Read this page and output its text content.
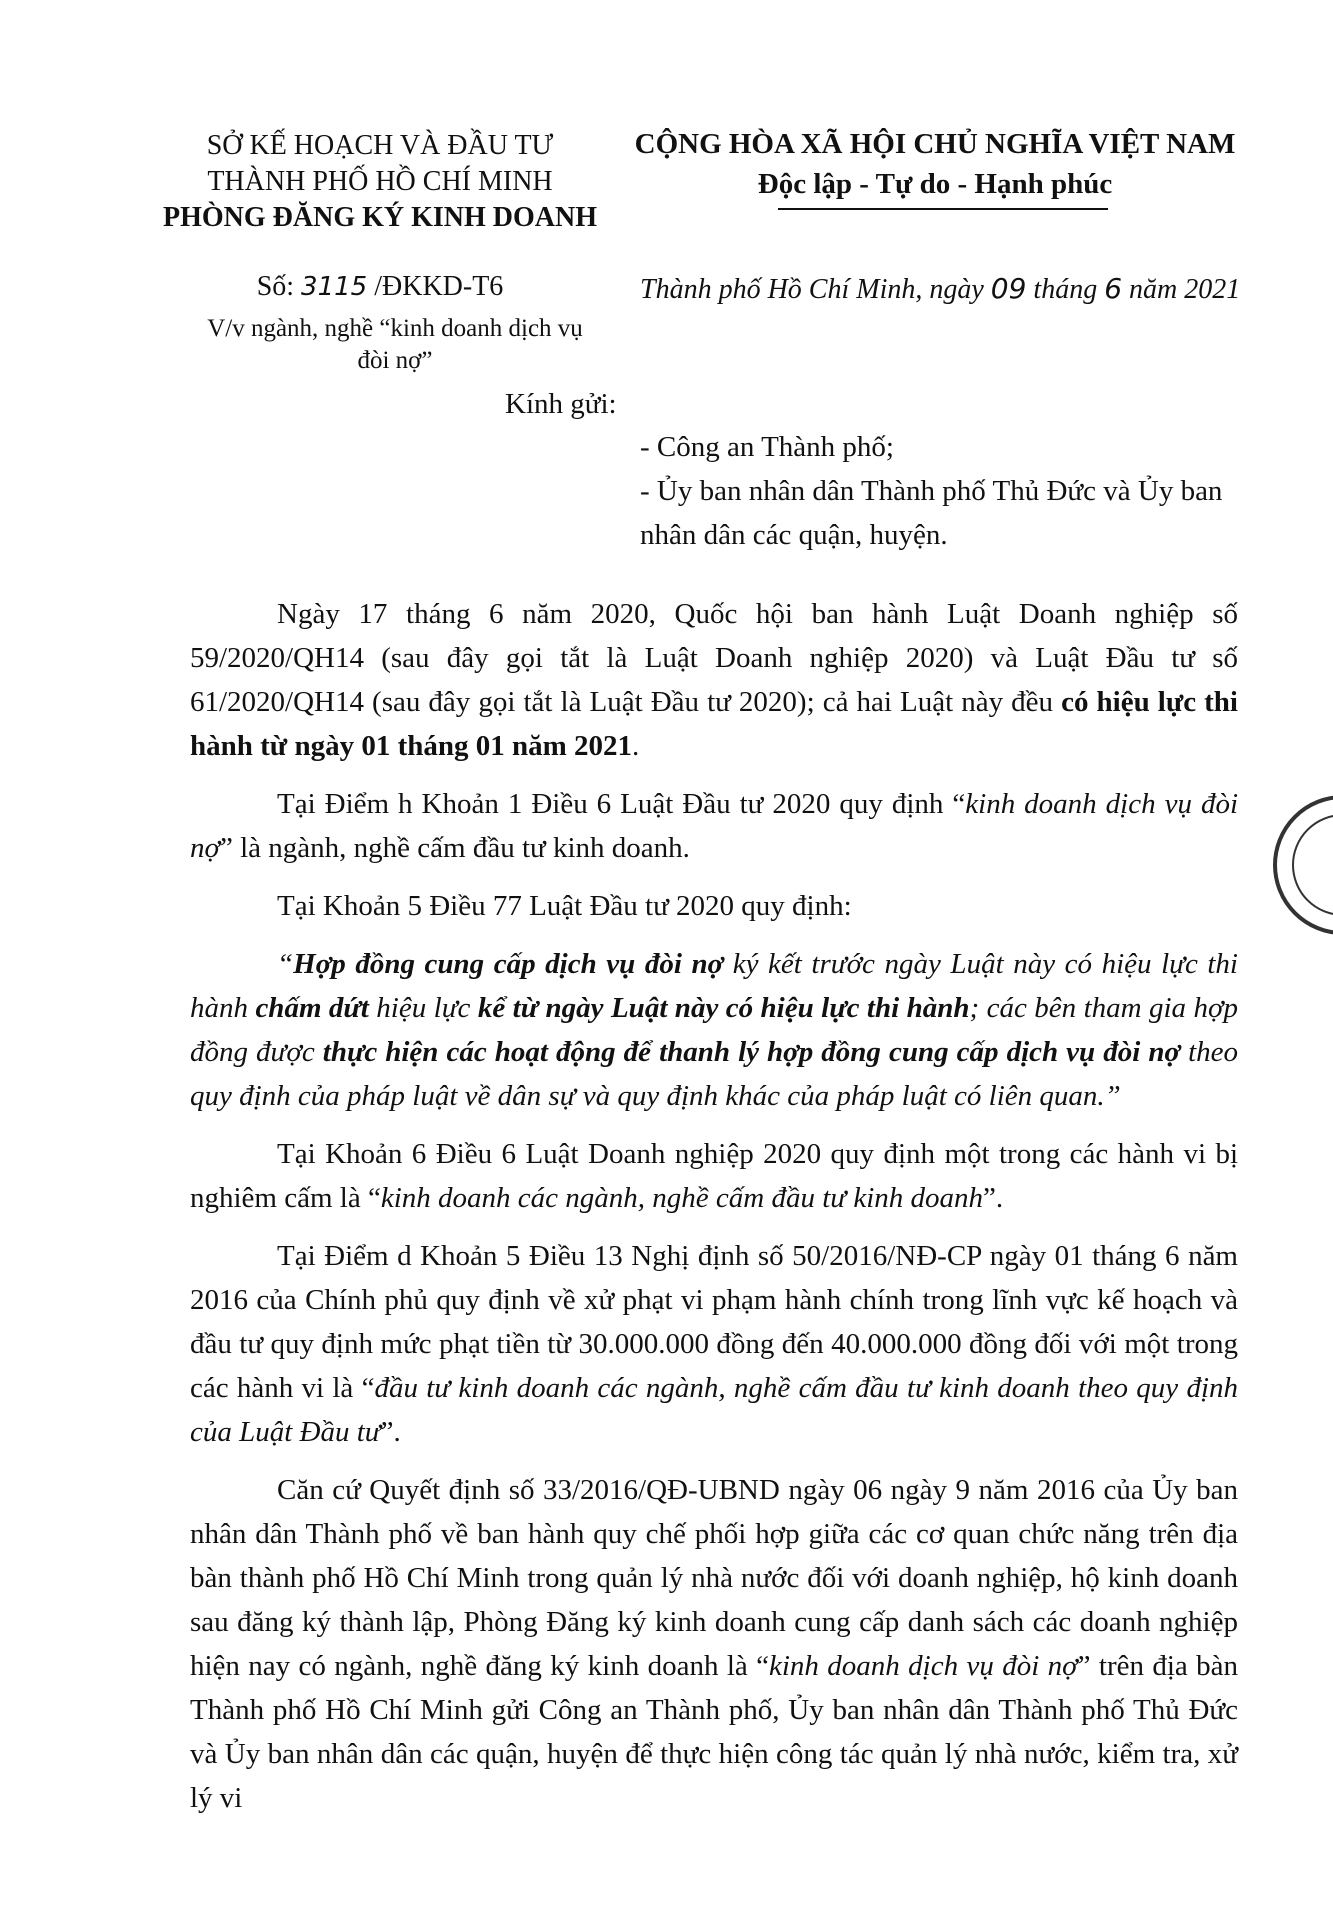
SỞ KẾ HOẠCH VÀ ĐẦU TƯ
THÀNH PHỐ HỒ CHÍ MINH
PHÒNG ĐĂNG KÝ KINH DOANH
CỘNG HÒA XÃ HỘI CHỦ NGHĨA VIỆT NAM
Độc lập - Tự do - Hạnh phúc
Số: 3115 /ĐKKD-T6
V/v ngành, nghề “kinh doanh dịch vụ đòi nợ”
Thành phố Hồ Chí Minh, ngày 09 tháng 6 năm 2021
Kính gửi:
- Công an Thành phố;
- Ủy ban nhân dân Thành phố Thủ Đức và Ủy ban nhân dân các quận, huyện.

Ngày 17 tháng 6 năm 2020, Quốc hội ban hành Luật Doanh nghiệp số 59/2020/QH14 (sau đây gọi tắt là Luật Doanh nghiệp 2020) và Luật Đầu tư số 61/2020/QH14 (sau đây gọi tắt là Luật Đầu tư 2020); cả hai Luật này đều có hiệu lực thi hành từ ngày 01 tháng 01 năm 2021.

Tại Điểm h Khoản 1 Điều 6 Luật Đầu tư 2020 quy định “kinh doanh dịch vụ đòi nợ” là ngành, nghề cấm đầu tư kinh doanh.

Tại Khoản 5 Điều 77 Luật Đầu tư 2020 quy định:

“Hợp đồng cung cấp dịch vụ đòi nợ ký kết trước ngày Luật này có hiệu lực thi hành chấm dứt hiệu lực kể từ ngày Luật này có hiệu lực thi hành; các bên tham gia hợp đồng được thực hiện các hoạt động để thanh lý hợp đồng cung cấp dịch vụ đòi nợ theo quy định của pháp luật về dân sự và quy định khác của pháp luật có liên quan.”

Tại Khoản 6 Điều 6 Luật Doanh nghiệp 2020 quy định một trong các hành vi bị nghiêm cấm là “kinh doanh các ngành, nghề cấm đầu tư kinh doanh”.

Tại Điểm d Khoản 5 Điều 13 Nghị định số 50/2016/NĐ-CP ngày 01 tháng 6 năm 2016 của Chính phủ quy định về xử phạt vi phạm hành chính trong lĩnh vực kế hoạch và đầu tư quy định mức phạt tiền từ 30.000.000 đồng đến 40.000.000 đồng đối với một trong các hành vi là “đầu tư kinh doanh các ngành, nghề cấm đầu tư kinh doanh theo quy định của Luật Đầu tư”.

Căn cứ Quyết định số 33/2016/QĐ-UBND ngày 06 ngày 9 năm 2016 của Ủy ban nhân dân Thành phố về ban hành quy chế phối hợp giữa các cơ quan chức năng trên địa bàn thành phố Hồ Chí Minh trong quản lý nhà nước đối với doanh nghiệp, hộ kinh doanh sau đăng ký thành lập, Phòng Đăng ký kinh doanh cung cấp danh sách các doanh nghiệp hiện nay có ngành, nghề đăng ký kinh doanh là “kinh doanh dịch vụ đòi nợ” trên địa bàn Thành phố Hồ Chí Minh gửi Công an Thành phố, Ủy ban nhân dân Thành phố Thủ Đức và Ủy ban nhân dân các quận, huyện để thực hiện công tác quản lý nhà nước, kiểm tra, xử lý vi
